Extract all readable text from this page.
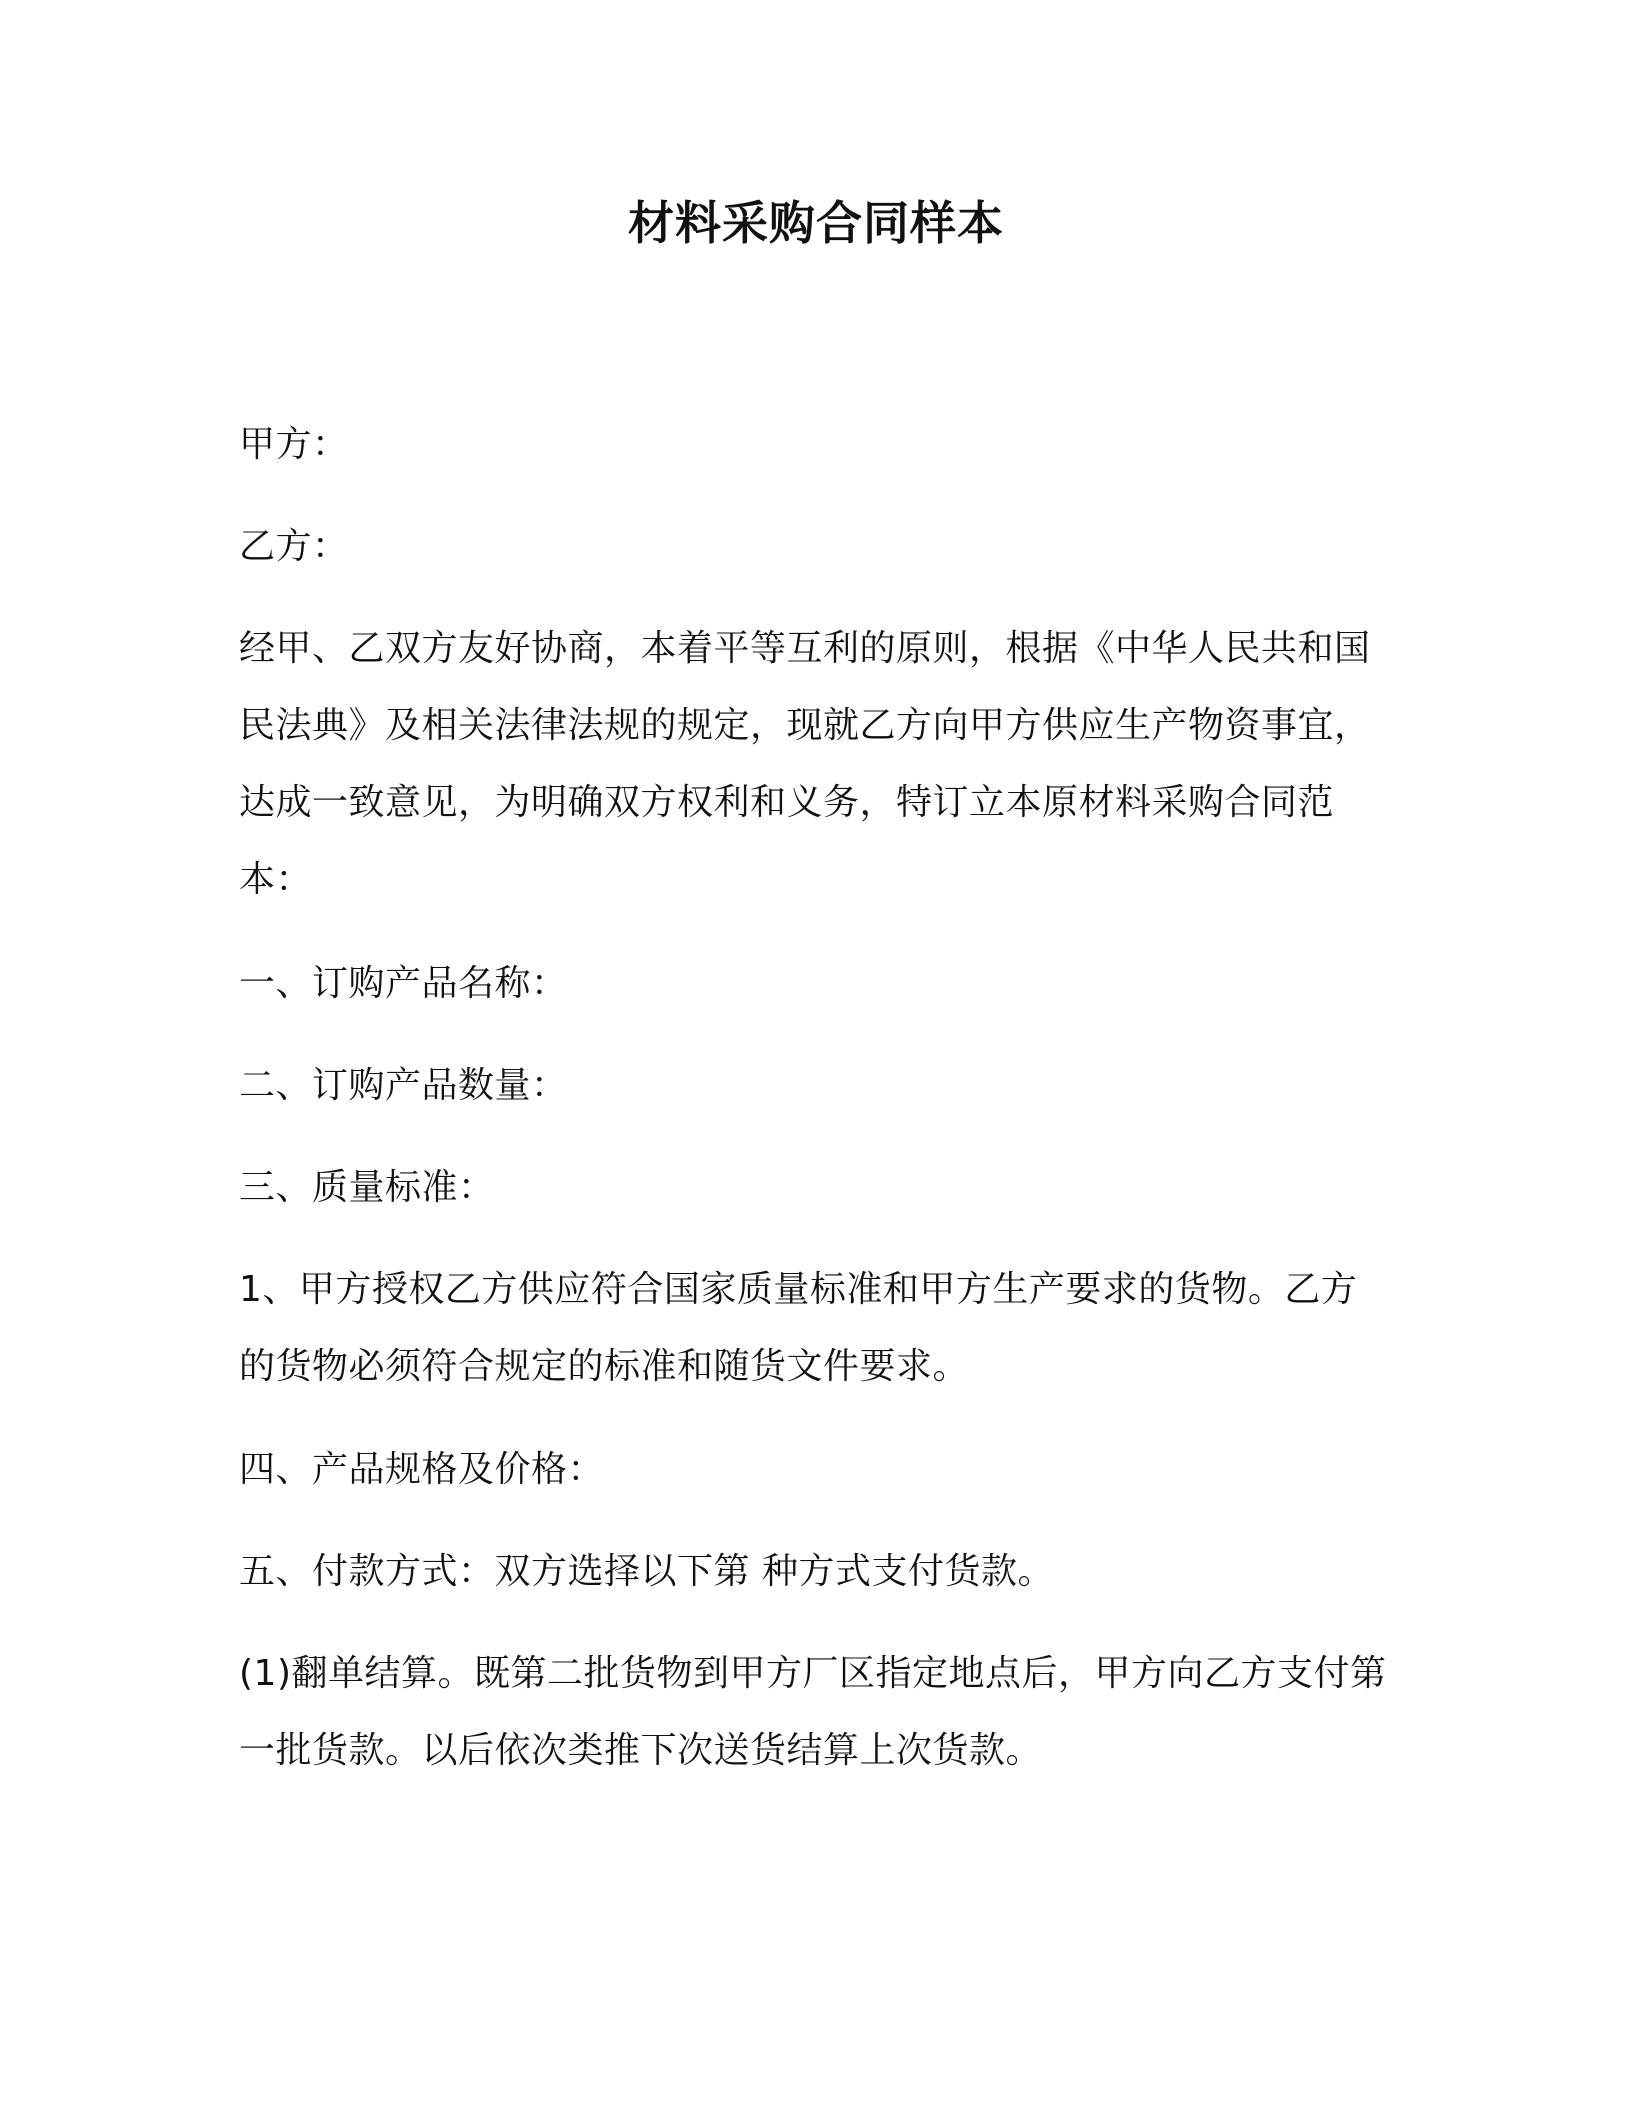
材料采购合同样本

甲方：

乙方：

经甲、乙双方友好协商，本着平等互利的原则，根据《中华人民共和国民法典》及相关法律法规的规定，现就乙方向甲方供应生产物资事宜，达成一致意见，为明确双方权利和义务，特订立本原材料采购合同范本：

一、订购产品名称：

二、订购产品数量：

三、质量标准：

1、甲方授权乙方供应符合国家质量标准和甲方生产要求的货物。乙方的货物必须符合规定的标准和随货文件要求。

四、产品规格及价格：

五、付款方式：双方选择以下第 种方式支付货款。

(1)翻单结算。既第二批货物到甲方厂区指定地点后，甲方向乙方支付第一批货款。以后依次类推下次送货结算上次货款。
